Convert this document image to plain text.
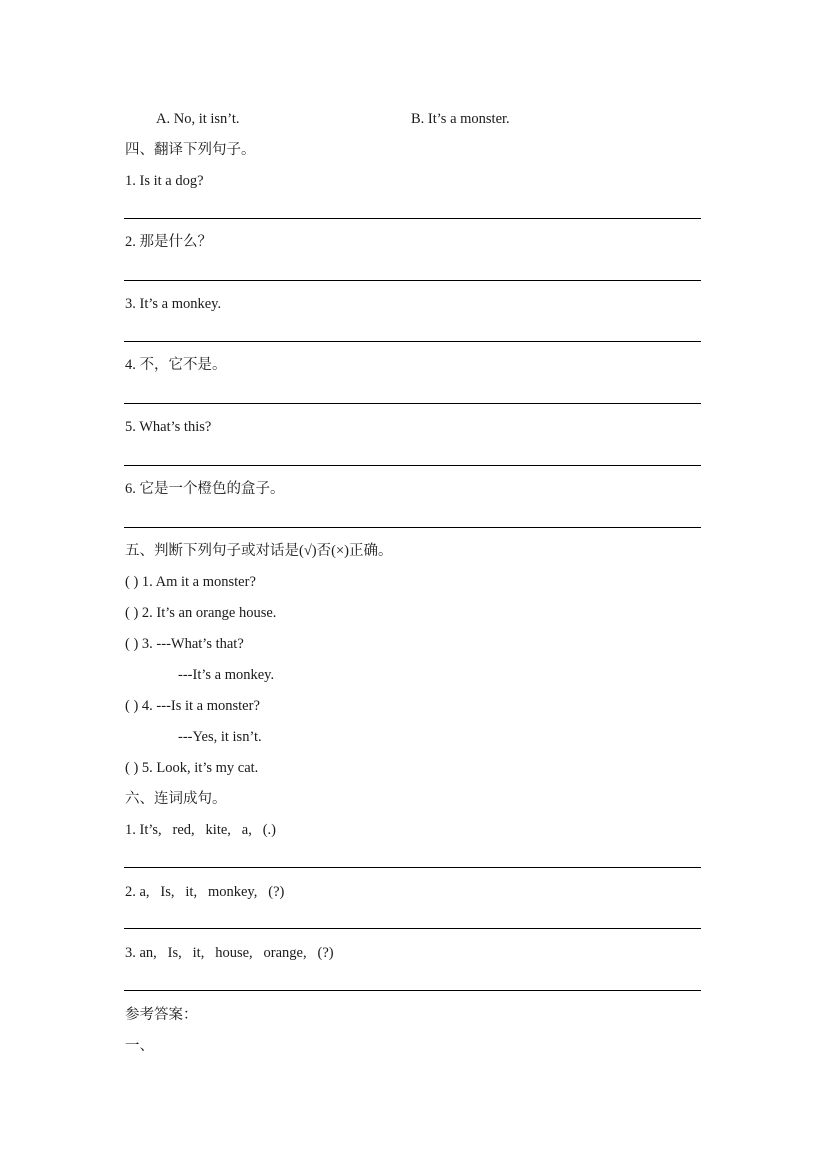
A. No, it isn’t.	B. It’s a monster.
四、翻译下列句子。
1. Is it a dog?
2. 那是什么？
3. It’s a monkey.
4. 不，它不是。
5. What’s this?
6. 它是一个橙色的盒子。
五、判断下列句子或对话是(√)否(×)正确。
( ) 1. Am it a monster?
( ) 2. It’s an orange house.
( ) 3. ---What’s that?
---It’s a monkey.
( ) 4. ---Is it a monster?
---Yes, it isn’t.
( ) 5. Look, it’s my cat.
六、连词成句。
1. It’s,   red,   kite,   a,   (.)
2. a,   Is,   it,   monkey,   (?)
3. an,   Is,   it,   house,   orange,   (?)
参考答案：
一、
